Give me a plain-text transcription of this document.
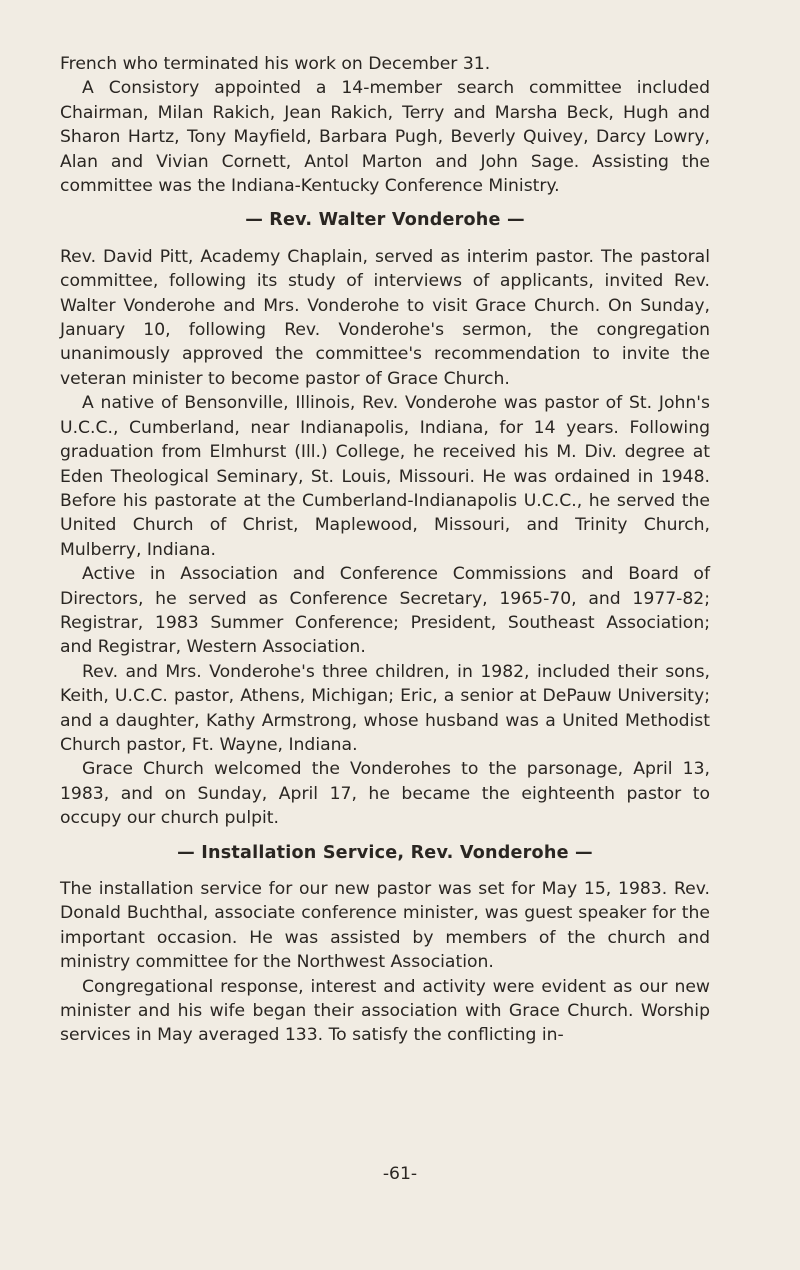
French who terminated his work on December 31.

A Consistory appointed a 14-member search committee included Chairman, Milan Rakich, Jean Rakich, Terry and Marsha Beck, Hugh and Sharon Hartz, Tony Mayfield, Barbara Pugh, Beverly Quivey, Darcy Lowry, Alan and Vivian Cornett, Antol Marton and John Sage. Assisting the committee was the Indiana-Kentucky Conference Ministry.

— Rev. Walter Vonderohe —

Rev. David Pitt, Academy Chaplain, served as interim pastor. The pastoral committee, following its study of interviews of applicants, invited Rev. Walter Vonderohe and Mrs. Vonderohe to visit Grace Church. On Sunday, January 10, following Rev. Vonderohe's sermon, the congregation unanimously approved the committee's recommendation to invite the veteran minister to become pastor of Grace Church.

A native of Bensonville, Illinois, Rev. Vonderohe was pastor of St. John's U.C.C., Cumberland, near Indianapolis, Indiana, for 14 years. Following graduation from Elmhurst (Ill.) College, he received his M. Div. degree at Eden Theological Seminary, St. Louis, Missouri. He was ordained in 1948. Before his pastorate at the Cumberland-Indianapolis U.C.C., he served the United Church of Christ, Maplewood, Missouri, and Trinity Church, Mulberry, Indiana.

Active in Association and Conference Commissions and Board of Directors, he served as Conference Secretary, 1965-70, and 1977-82; Registrar, 1983 Summer Conference; President, Southeast Association; and Registrar, Western Association.

Rev. and Mrs. Vonderohe's three children, in 1982, included their sons, Keith, U.C.C. pastor, Athens, Michigan; Eric, a senior at DePauw University; and a daughter, Kathy Armstrong, whose husband was a United Methodist Church pastor, Ft. Wayne, Indiana.

Grace Church welcomed the Vonderohes to the parsonage, April 13, 1983, and on Sunday, April 17, he became the eighteenth pastor to occupy our church pulpit.

— Installation Service, Rev. Vonderohe —

The installation service for our new pastor was set for May 15, 1983. Rev. Donald Buchthal, associate conference minister, was guest speaker for the important occasion. He was assisted by members of the church and ministry committee for the Northwest Association.

Congregational response, interest and activity were evident as our new minister and his wife began their association with Grace Church. Worship services in May averaged 133. To satisfy the conflicting in-

-61-
